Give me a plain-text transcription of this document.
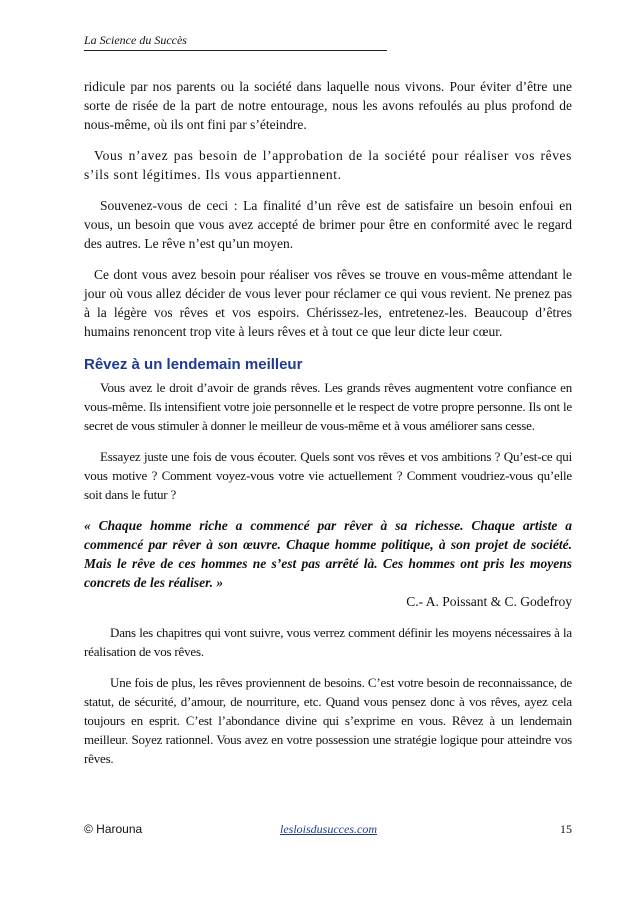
La Science du Succès

ridicule par nos parents ou la société dans laquelle nous vivons. Pour éviter d’être une sorte de risée de la part de notre entourage, nous les avons refoulés au plus profond de nous-même, où ils ont fini par s’éteindre.

Vous n’avez pas besoin de l’approbation de la société pour réaliser vos rêves s’ils sont légitimes. Ils vous appartiennent.

Souvenez-vous de ceci : La finalité d’un rêve est de satisfaire un besoin enfoui en vous, un besoin que vous avez accepté de brimer pour être en conformité avec le regard des autres. Le rêve n’est qu’un moyen.

Ce dont vous avez besoin pour réaliser vos rêves se trouve en vous-même attendant le jour où vous allez décider de vous lever pour réclamer ce qui vous revient. Ne prenez pas à la légère vos rêves et vos espoirs. Chérissez-les, entretenez-les. Beaucoup d’êtres humains renoncent trop vite à leurs rêves et à tout ce que leur dicte leur cœur.

Rêvez à un lendemain meilleur

Vous avez le droit d’avoir de grands rêves. Les grands rêves augmentent votre confiance en vous-même. Ils intensifient votre joie personnelle et le respect de votre propre personne. Ils ont le secret de vous stimuler à donner le meilleur de vous-même et à vous améliorer sans cesse.

Essayez juste une fois de vous écouter. Quels sont vos rêves et vos ambitions ? Qu’est-ce qui vous motive ? Comment voyez-vous votre vie actuellement ? Comment voudriez-vous qu’elle soit dans le futur ?

« Chaque homme riche a commencé par rêver à sa richesse. Chaque artiste a commencé par rêver à son œuvre. Chaque homme politique, à son projet de société. Mais le rêve de ces hommes ne s’est pas arrêté là. Ces hommes ont pris les moyens concrets de les réaliser. »

C.- A. Poissant & C. Godefroy

Dans les chapitres qui vont suivre, vous verrez comment définir les moyens nécessaires à la réalisation de vos rêves.

Une fois de plus, les rêves proviennent de besoins. C’est votre besoin de reconnaissance, de statut, de sécurité, d’amour, de nourriture, etc. Quand vous pensez donc à vos rêves, ayez cela toujours en esprit. C’est l’abondance divine qui s’exprime en vous. Rêvez à un lendemain meilleur. Soyez rationnel. Vous avez en votre possession une stratégie logique pour atteindre vos rêves.

© Harouna	lesloisdusucces.com	15
